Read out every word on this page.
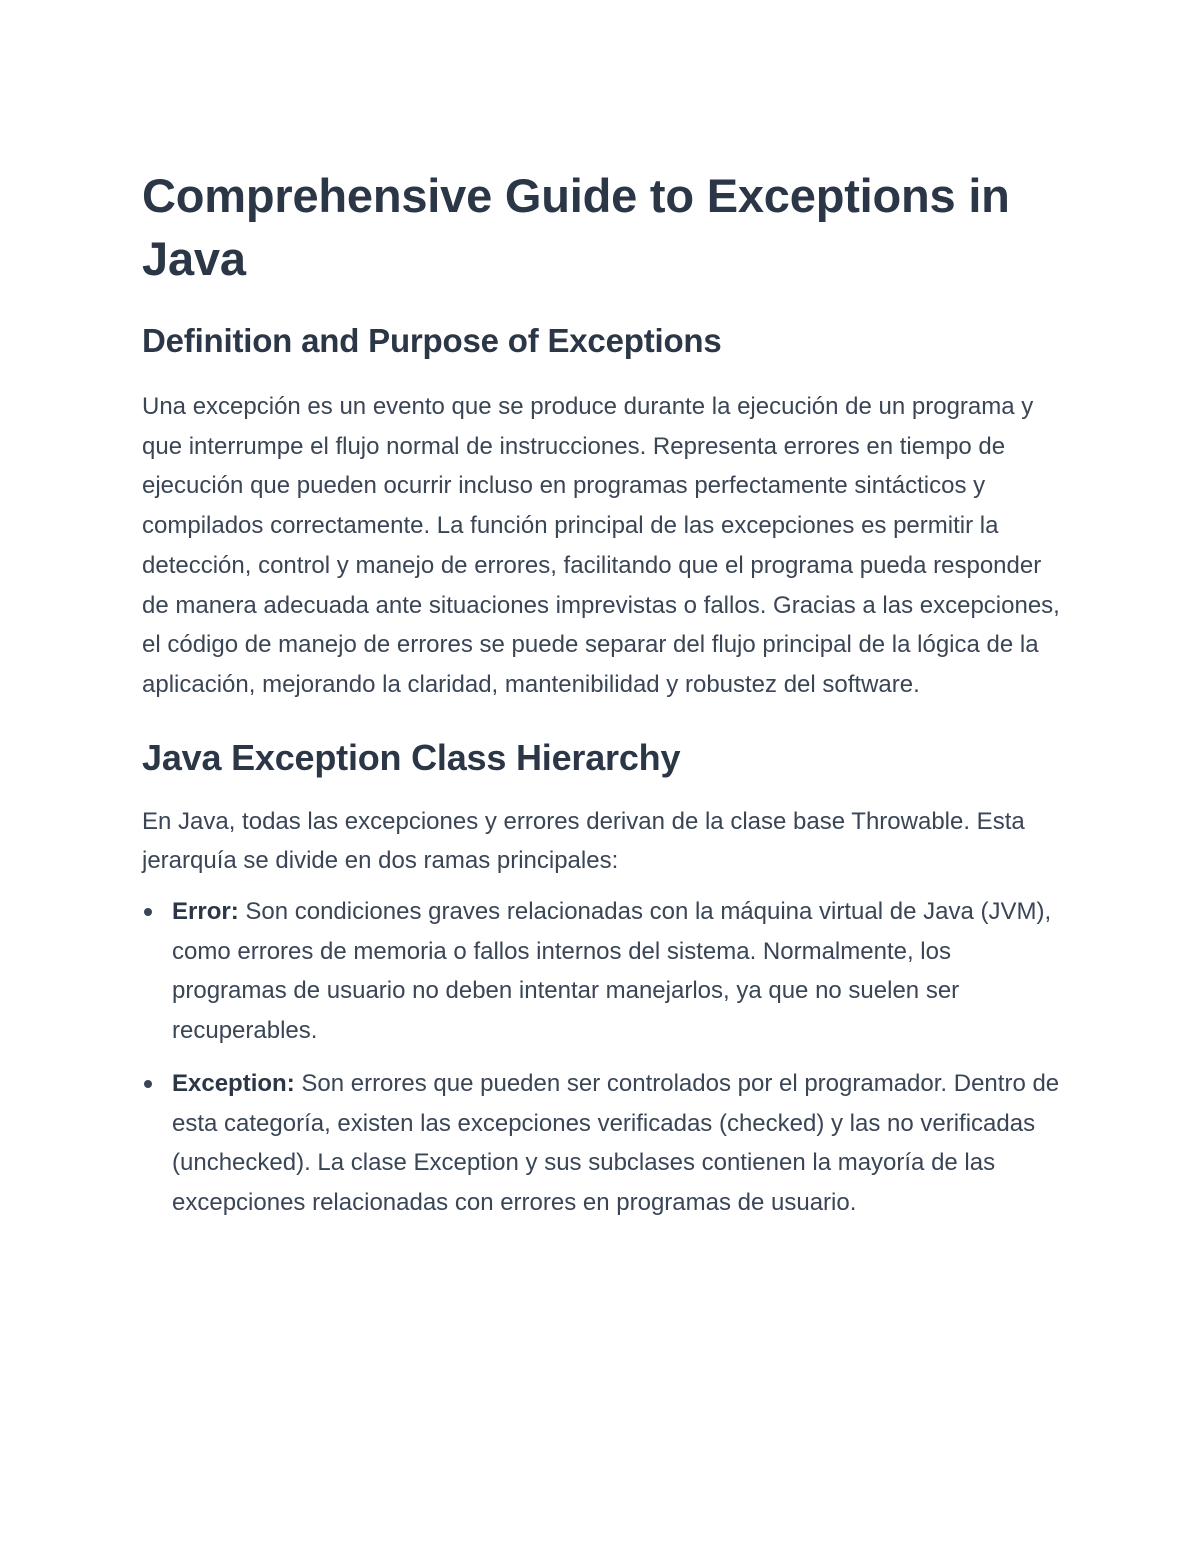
Comprehensive Guide to Exceptions in Java
Definition and Purpose of Exceptions

Una excepción es un evento que se produce durante la ejecución de un programa y que interrumpe el flujo normal de instrucciones. Representa errores en tiempo de ejecución que pueden ocurrir incluso en programas perfectamente sintácticos y compilados correctamente. La función principal de las excepciones es permitir la detección, control y manejo de errores, facilitando que el programa pueda responder de manera adecuada ante situaciones imprevistas o fallos. Gracias a las excepciones, el código de manejo de errores se puede separar del flujo principal de la lógica de la aplicación, mejorando la claridad, mantenibilidad y robustez del software.

Java Exception Class Hierarchy

En Java, todas las excepciones y errores derivan de la clase base Throwable. Esta jerarquía se divide en dos ramas principales:

Error: Son condiciones graves relacionadas con la máquina virtual de Java (JVM), como errores de memoria o fallos internos del sistema. Normalmente, los programas de usuario no deben intentar manejarlos, ya que no suelen ser recuperables.
Exception: Son errores que pueden ser controlados por el programador. Dentro de esta categoría, existen las excepciones verificadas (checked) y las no verificadas (unchecked). La clase Exception y sus subclases contienen la mayoría de las excepciones relacionadas con errores en programas de usuario.
